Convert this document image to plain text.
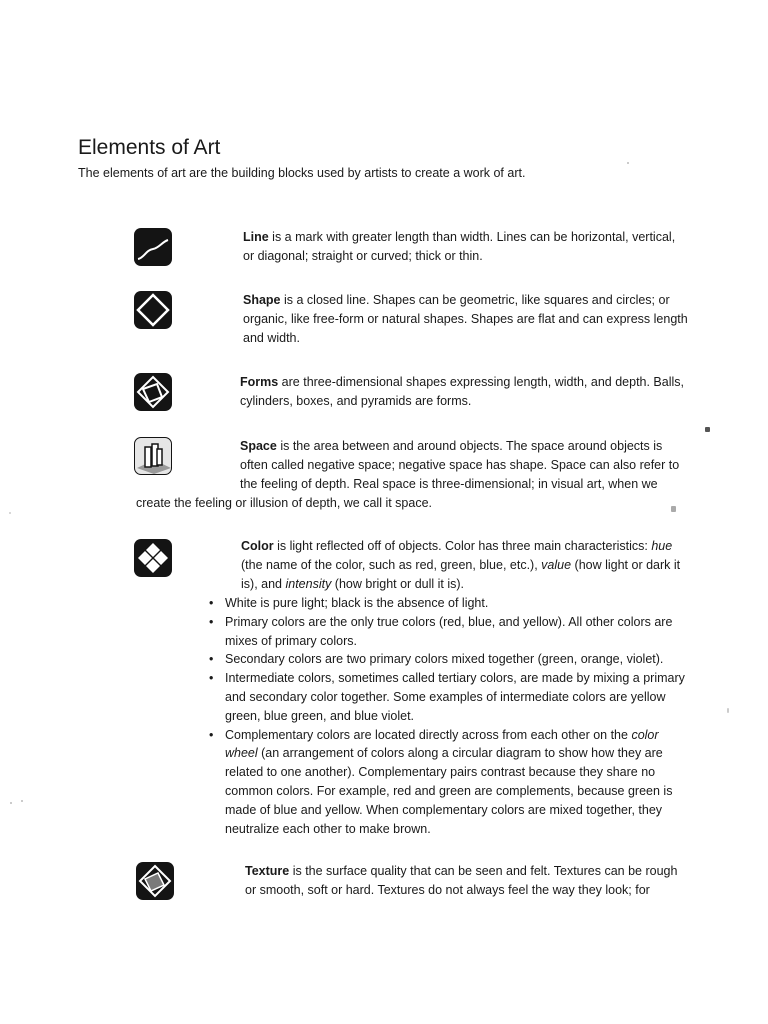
Elements of Art

The elements of art are the building blocks used by artists to create a work of art.

Line is a mark with greater length than width. Lines can be horizontal, vertical, or diagonal; straight or curved; thick or thin.

Shape is a closed line. Shapes can be geometric, like squares and circles; or organic, like free-form or natural shapes. Shapes are flat and can express length and width.

Forms are three-dimensional shapes expressing length, width, and depth. Balls, cylinders, boxes, and pyramids are forms.

Space is the area between and around objects. The space around objects is

often called negative space; negative space has shape. Space can also refer to

the feeling of depth. Real space is three-dimensional; in visual art, when we

create the feeling or illusion of depth, we call it space.

Color is light reflected off of objects. Color has three main characteristics: hue (the name of the color, such as red, green, blue, etc.), value (how light or dark it is), and intensity (how bright or dull it is).

• White is pure light; black is the absence of light.
• Primary colors are the only true colors (red, blue, and yellow). All other colors are mixes of primary colors.
• Secondary colors are two primary colors mixed together (green, orange, violet).
• Intermediate colors, sometimes called tertiary colors, are made by mixing a primary and secondary color together. Some examples of intermediate colors are yellow green, blue green, and blue violet.
• Complementary colors are located directly across from each other on the color wheel (an arrangement of colors along a circular diagram to show how they are related to one another). Complementary pairs contrast because they share no common colors. For example, red and green are complements, because green is made of blue and yellow. When complementary colors are mixed together, they neutralize each other to make brown.

Texture is the surface quality that can be seen and felt. Textures can be rough or smooth, soft or hard. Textures do not always feel the way they look; for
